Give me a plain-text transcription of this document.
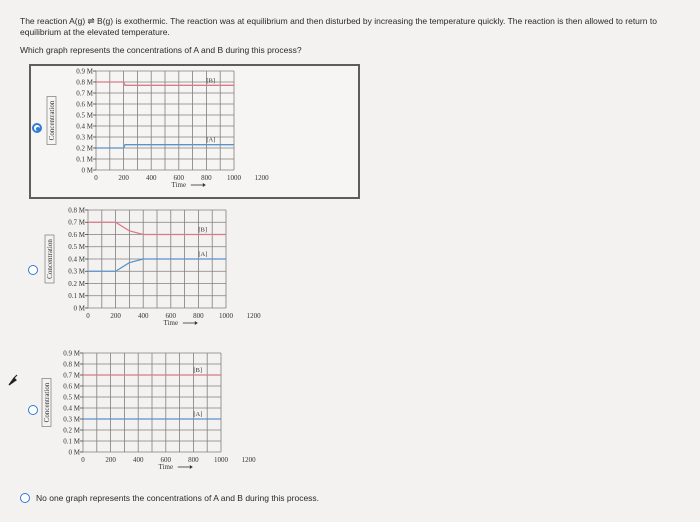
The reaction A(g) ⇌ B(g) is exothermic. The reaction was at equilibrium and then disturbed by increasing the temperature quickly. The reaction is then allowed to return to equilibrium at the elevated temperature.
Which graph represents the concentrations of A and B during this process?
0 M
0.1 M
0.2 M
0.3 M
0.4 M
0.5 M
0.6 M
0.7 M
0.8 M
0.9 M
0	200 400 600 800 1000 1200
Time
Concentration
[B]
[A]
0 M
0.1 M
0.2 M
0.3 M
0.4 M
0.5 M
0.6 M
0.7 M
0.8 M
0	200 400 600 800 1000 1200
Time
Concentration
[B]
[A]
0 M
0.1 M
0.2 M
0.3 M
0.4 M
0.5 M
0.6 M
0.7 M
0.8 M
0.9 M
0	200 400 600 800 1000 1200
Time
Concentration
[B]
[A]
No one graph represents the concentrations of A and B during this process.
